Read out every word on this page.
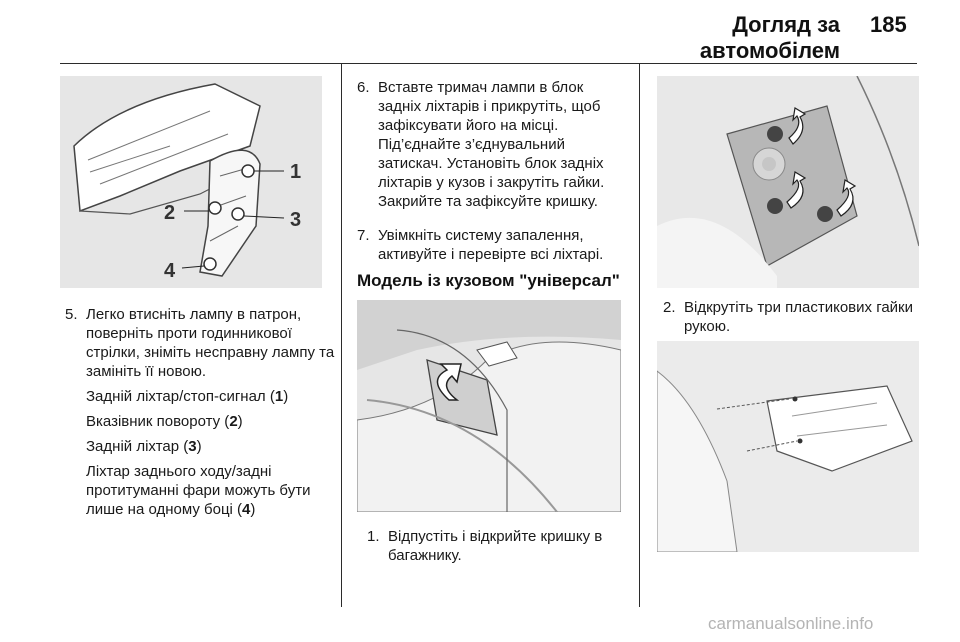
Догляд за автомобілем
185
1
2	3
4
5. Легко втисніть лампу в патрон, поверніть проти годинникової стрілки, зніміть несправну лампу та замініть її новою.

Задній ліхтар/стоп-сигнал (1)

Вказівник повороту (2)

Задній ліхтар (3)

Ліхтар заднього ходу/задні протитуманні фари можуть бути лише на одному боці (4)

6. Вставте тримач лампи в блок задніх ліхтарів і прикрутіть, щоб зафіксувати його на місці. Під’єднайте з’єднувальний затискач. Установіть блок задніх ліхтарів у кузов і закрутіть гайки. Закрийте та зафіксуйте кришку.

7. Увімкніть систему запалення, активуйте і перевірте всі ліхтарі.

Модель із кузовом "універсал"
1. Відпустіть і відкрийте кришку в багажнику.

2. Відкрутіть три пластикових гайки рукою.

carmanualsonline.info
